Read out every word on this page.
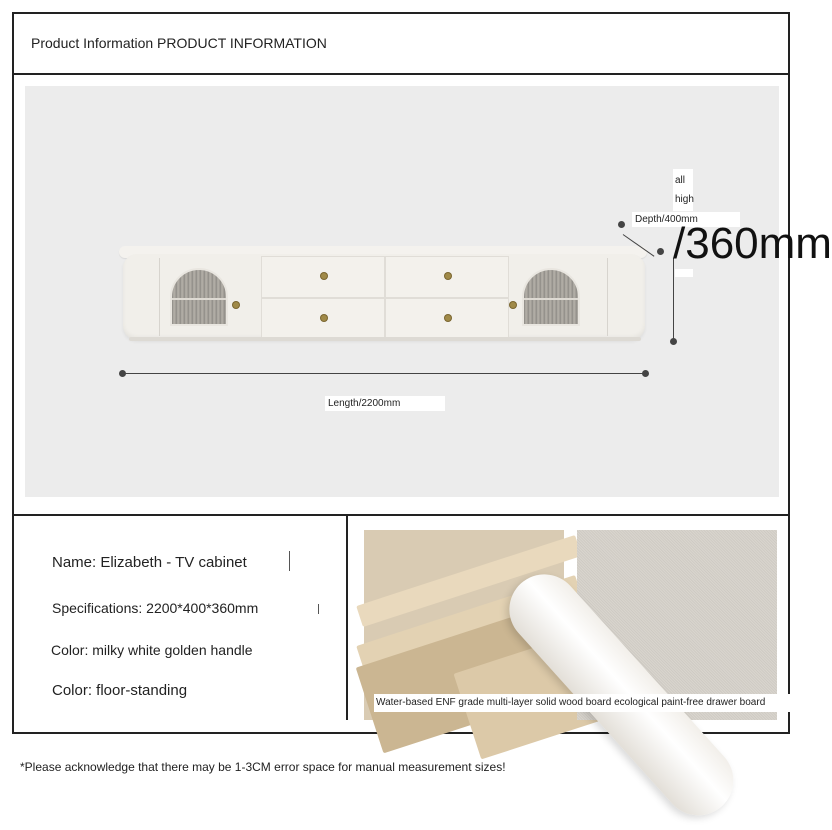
Product Information PRODUCT INFORMATION
Depth/400mm
Length/2200mm
all
high
/360mm
Name: Elizabeth - TV cabinet
Specifications: 2200*400*360mm
Color: milky white golden handle
Color: floor-standing
Water-based ENF grade multi-layer solid wood board ecological paint-free drawer board
*Please acknowledge that there may be 1-3CM error space for manual measurement sizes!
